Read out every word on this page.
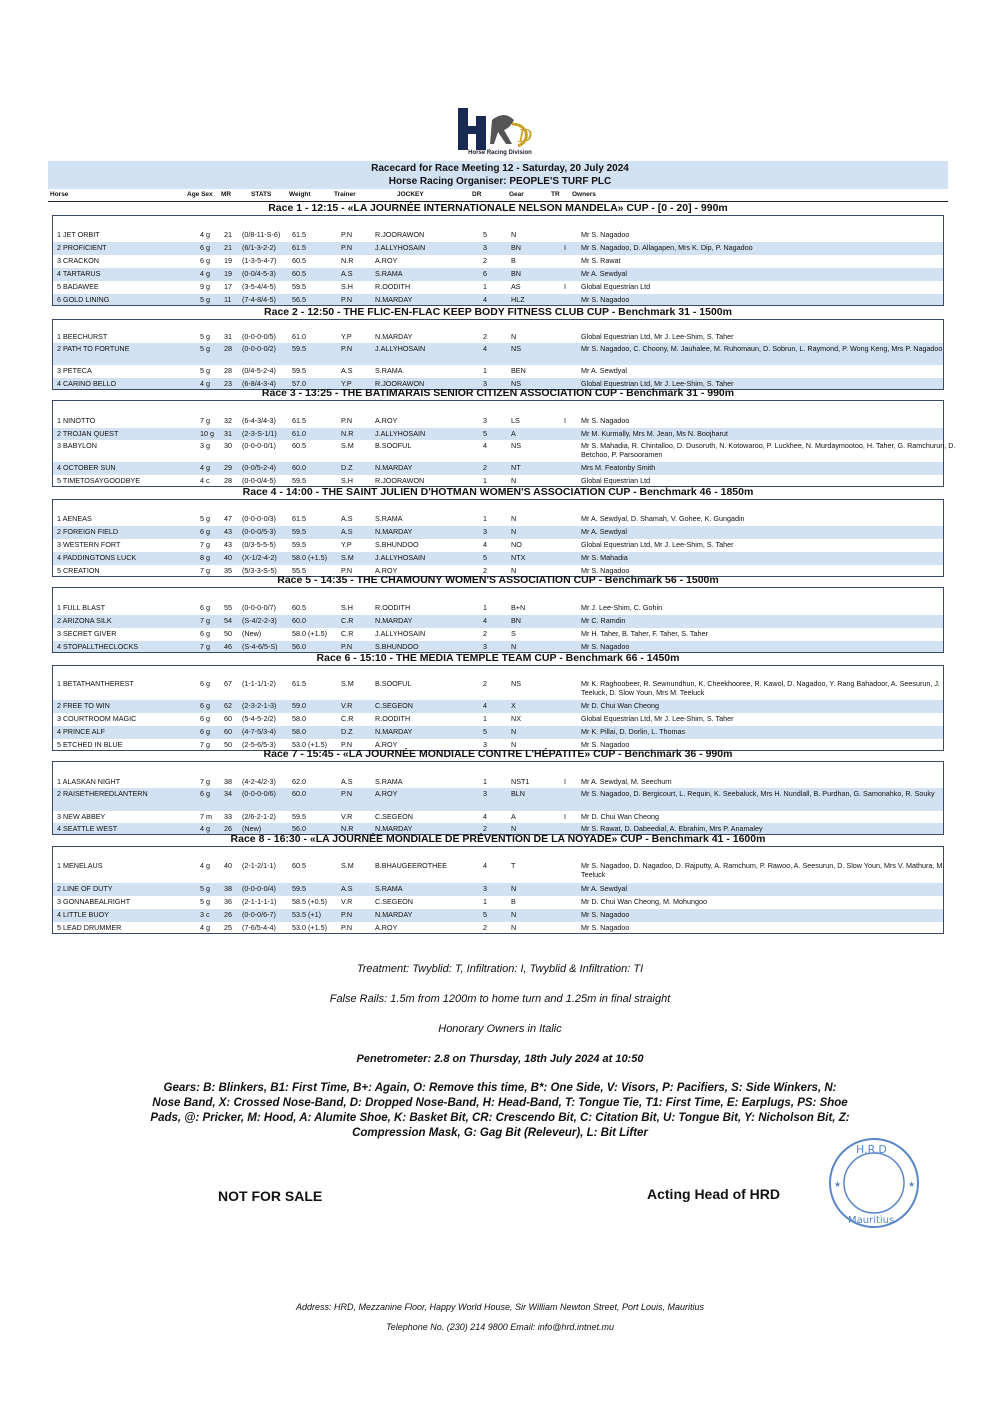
D
Horse Racing Division
Racecard for Race Meeting 12 - Saturday, 20 July 2024
Horse Racing Organiser: PEOPLE'S TURF PLC
Horse	Age Sex MR	STATS	Weight	Trainer	JOCKEY	DR	Gear	TR Owners
Race 1 - 12:15 - «LA JOURNÉE INTERNATIONALE NELSON MANDELA» CUP - [0 - 20] - 990m
1 JET ORBIT	4 g 21 (0/8-11-S-6) 61.5	P.N	R.JOORAWON	5	N	Mr S. Nagadoo
2 PROFICIENT	6 g 21 (6/1-3-2-2) 61.5	P.N	J.ALLYHOSAIN	3	BN	I Mr S. Nagadoo, D. Allagapen, Mrs K. Dip, P. Nagadoo
3 CRACKON	6 g 19 (1-3-5-4-7) 60.5	N.R	A.ROY	2	B	Mr S. Rawat
4 TARTARUS	4 g 19 (0-0/4-5-3) 60.5	A.S	S.RAMA	6	BN	Mr A. Sewdyal
5 BADAWEE	9 g 17 (3-5-4/4-5) 59.5	S.H	R.OODITH	1	AS	I Global Equestrian Ltd
6 GOLD LINING	5 g 11 (7-4-8/4-5) 56.5	P.N	N.MARDAY	4	HLZ	Mr S. Nagadoo
Race 2 - 12:50 - THE FLIC-EN-FLAC KEEP BODY FITNESS CLUB CUP - Benchmark 31 - 1500m
1 BEECHURST	5 g 31 (0-0-0-0/5) 61.0	Y.P	N.MARDAY	2	N	Global Equestrian Ltd, Mr J. Lee-Shim, S. Taher
2 PATH TO FORTUNE	5 g 28 (0-0-0-0/2) 59.5	P.N	J.ALLYHOSAIN	4	NS	Mr S. Nagadoo, C. Choony, M. Jauhalee, M. Ruhomaun, D. Sobrun, L. Raymond, P. Wong Keng, Mrs P. Nagadoo
3 PETECA	5 g 28 (0/4-5-2-4) 59.5	A.S	S.RAMA	1	BEN	Mr A. Sewdyal
4 CARINO BELLO	4 g 23 (6-8/4-3-4) 57.0	Y.P	R.JOORAWON	3	NS	Global Equestrian Ltd, Mr J. Lee-Shim, S. Taher
Race 3 - 13:25 - THE BATIMARAIS SENIOR CITIZEN ASSOCIATION CUP - Benchmark 31 - 990m
1 NINOTTO	7 g 32 (6-4-3/4-3) 61.5	P.N	A.ROY	3	LS	I Mr S. Nagadoo
2 TROJAN QUEST	10 g 31 (2-3-S-1/1) 61.0	N.R	J.ALLYHOSAIN	5	A	Mr M. Kurmally, Mrs M. Jean, Ms N. Boojharut
3 BABYLON	3 g 30 (0-0-0-0/1) 60.5	S.M	B.SOOFUL	4	NS	Mr S. Mahadia, R. Chintalloo, D. Dusoruth, N. Kotowaroo, P. Luckhee, N. Murdaymootoo, H. Taher, G. Ramchurun, D. Betchoo, P. Parsooramen
4 OCTOBER SUN	4 g 29 (0-0/5-2-4) 60.0	D.Z	N.MARDAY	2	NT	Mrs M. Featonby Smith
5 TIMETOSAYGOODBYE	4 c 28 (0-0-0/4-5) 59.5	S.H	R.JOORAWON	1	N	Global Equestrian Ltd
Race 4 - 14:00 - THE SAINT JULIEN D'HOTMAN WOMEN'S ASSOCIATION CUP - Benchmark 46 - 1850m
1 AENEAS	5 g 47 (0-0-0-0/3) 61.5	A.S	S.RAMA	1	N	Mr A. Sewdyal, D. Shamah, V. Gohee, K. Gungadin
2 FOREIGN FIELD	6 g 43 (0-0-0/5-3) 59.5	A.S	N.MARDAY	3	N	Mr A. Sewdyal
3 WESTERN FORT	7 g 43 (0/3-5-5-5) 59.5	Y.P	S.BHUNDOO	4	NO	Global Equestrian Ltd, Mr J. Lee-Shim, S. Taher
4 PADDINGTONS LUCK	8 g 40 (X-1/2-4-2) 58.0 (+1.5) S.M	J.ALLYHOSAIN	5	NTX	Mr S. Mahadia
5 CREATION	7 g 35 (5/3-3-S-5) 55.5	P.N	A.ROY	2	N	Mr S. Nagadoo
Race 5 - 14:35 - THE CHAMOUNY WOMEN'S ASSOCIATION CUP - Benchmark 56 - 1500m
1 FULL BLAST	6 g 55 (0-0-0-0/7) 60.5	S.H	R.OODITH	1	B+N	Mr J. Lee-Shim, C. Gohin
2 ARIZONA SILK	7 g 54 (S-4/2-2-3) 60.0	C.R	N.MARDAY	4	BN	Mr C. Ramdin
3 SECRET GIVER	6 g 50 (New)	58.0 (+1.5) C.R	J.ALLYHOSAIN	2	S	Mr H. Taher, B. Taher, F. Taher, S. Taher
4 STOPALLTHECLOCKS	7 g 46 (S-4-6/5-S) 56.0	P.N	S.BHUNDOO	3	N	Mr S. Nagadoo
Race 6 - 15:10 - THE MEDIA TEMPLE TEAM CUP - Benchmark 66 - 1450m
1 BETATHANTHEREST	6 g 67 (1-1-1/1-2) 61.5	S.M	B.SOOFUL	2	NS	Mr K. Raghoobeer, R. Sewnundhun, K. Cheekhooree, R. Kawol, D. Nagadoo, Y. Rang Bahadoor, A. Seesurun, J. Teeluck, D. Slow Youn, Mrs M. Teeluck
2 FREE TO WIN	6 g 62 (2-3-2-1-3) 59.0	V.R	C.SEGEON	4	X	Mr D. Chui Wan Cheong
3 COURTROOM MAGIC	6 g 60 (5-4-5-2/2) 58.0	C.R	R.OODITH	1	NX	Global Equestrian Ltd, Mr J. Lee-Shim, S. Taher
4 PRINCE ALF	6 g 60 (4-7-5/3-4) 58.0	D.Z	N.MARDAY	5	N	Mr K. Pillai, D. Dorlin, L. Thomas
5 ETCHED IN BLUE	7 g 50 (2-5-6/5-3) 53.0 (+1.5) P.N	A.ROY	3	N	Mr S. Nagadoo
Race 7 - 15:45 - «LA JOURNÉE MONDIALE CONTRE L'HÉPATITE» CUP - Benchmark 36 - 990m
1 ALASKAN NIGHT	7 g 38 (4-2-4/2-3) 62.0	A.S	S.RAMA	1	NST1	I Mr A. Sewdyal, M. Seechurn
2 RAISETHEREDLANTERN	6 g 34 (0-0-0-0/6) 60.0	P.N	A.ROY	3	BLN	Mr S. Nagadoo, D. Bergicourt, L. Requin, K. Seebaluck, Mrs H. Nundlall, B. Purdhan, G. Samonahko, R. Souky
3 NEW ABBEY	7 m 33 (2/6-2-1-2) 59.5	V.R	C.SEGEON	4	A	I Mr D. Chui Wan Cheong
4 SEATTLE WEST	4 g 26 (New)	56.0	N.R	N.MARDAY	2	N	Mr S. Rawat, D. Dabeedial, A. Ebrahim, Mrs P. Anamaley
Race 8 - 16:30 - «LA JOURNÉE MONDIALE DE PRÉVENTION DE LA NOYADE» CUP - Benchmark 41 - 1600m
1 MENELAUS	4 g 40 (2-1-2/1-1) 60.5	S.M	B.BHAUGEEROTHEE	4	T	Mr S. Nagadoo, D. Nagadoo, D. Rajputty, A. Ramchum, P. Rawoo, A. Seesurun, D. Slow Youn, Mrs V. Mathura, M. Teeluck
2 LINE OF DUTY	5 g 38 (0-0-0-0/4) 59.5	A.S	S.RAMA	3	N	Mr A. Sewdyal
3 GONNABEALRIGHT	5 g 36 (2-1-1-1-1) 58.5 (+0.5) V.R	C.SEGEON	1	B	Mr D. Chui Wan Cheong, M. Mohungoo
4 LITTLE BUOY	3 c 26 (0-0-0/6-7) 53.5 (+1)	P.N	N.MARDAY	5	N	Mr S. Nagadoo
5 LEAD DRUMMER	4 g 25 (7-6/5-4-4) 53.0 (+1.5) P.N	A.ROY	2	N	Mr S. Nagadoo
Treatment: Twyblid: T, Infiltration: I, Twyblid & Infiltration: TI
False Rails: 1.5m from 1200m to home turn and 1.25m in final straight
Honorary Owners in Italic
Penetrometer: 2.8 on Thursday, 18th July 2024 at 10:50
Gears: B: Blinkers, B1: First Time, B+: Again, O: Remove this time, B*: One Side, V: Visors, P: Pacifiers, S: Side Winkers, N: Nose Band, X: Crossed Nose-Band, D: Dropped Nose-Band, H: Head-Band, T: Tongue Tie, T1: First Time, E: Earplugs, PS: Shoe Pads, @: Pricker, M: Hood, A: Alumite Shoe, K: Basket Bit, CR: Crescendo Bit, C: Citation Bit, U: Tongue Bit, Y: Nicholson Bit, Z: Compression Mask, G: Gag Bit (Releveur), L: Bit Lifter
NOT FOR SALE	Acting Head of HRD
H.R.D
Mauritius
★	★
Address: HRD, Mezzanine Floor, Happy World House, Sir William Newton Street, Port Louis, Mauritius
Telephone No. (230) 214 9800 Email: info@hrd.intnet.mu
